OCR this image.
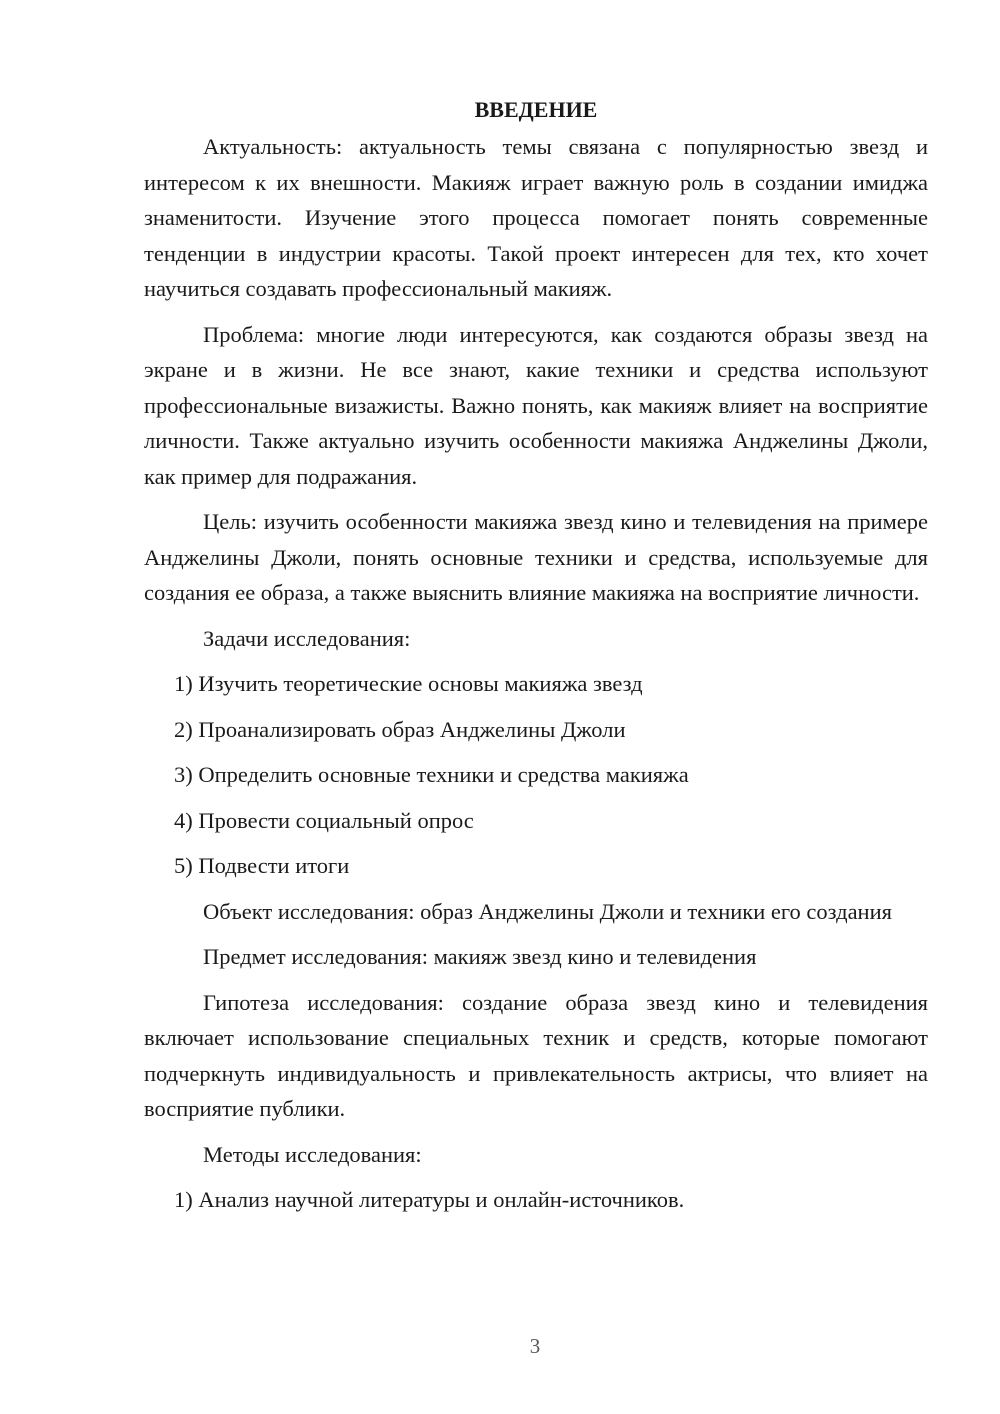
ВВЕДЕНИЕ

Актуальность: актуальность темы связана с популярностью звезд и интересом к их внешности. Макияж играет важную роль в создании имиджа знаменитости. Изучение этого процесса помогает понять современные тенденции в индустрии красоты. Такой проект интересен для тех, кто хочет научиться создавать профессиональный макияж.

Проблема: многие люди интересуются, как создаются образы звезд на экране и в жизни. Не все знают, какие техники и средства используют профессиональные визажисты. Важно понять, как макияж влияет на восприятие личности. Также актуально изучить особенности макияжа Анджелины Джоли, как пример для подражания.

Цель: изучить особенности макияжа звезд кино и телевидения на примере Анджелины Джоли, понять основные техники и средства, используемые для создания ее образа, а также выяснить влияние макияжа на восприятие личности.

Задачи исследования:

1) Изучить теоретические основы макияжа звезд

2) Проанализировать образ Анджелины Джоли

3) Определить основные техники и средства макияжа

4) Провести социальный опрос

5) Подвести итоги

Объект исследования: образ Анджелины Джоли и техники его создания

Предмет исследования: макияж звезд кино и телевидения

Гипотеза исследования: создание образа звезд кино и телевидения включает использование специальных техник и средств, которые помогают подчеркнуть индивидуальность и привлекательность актрисы, что влияет на восприятие публики.

Методы исследования:

1) Анализ научной литературы и онлайн-источников.

3
